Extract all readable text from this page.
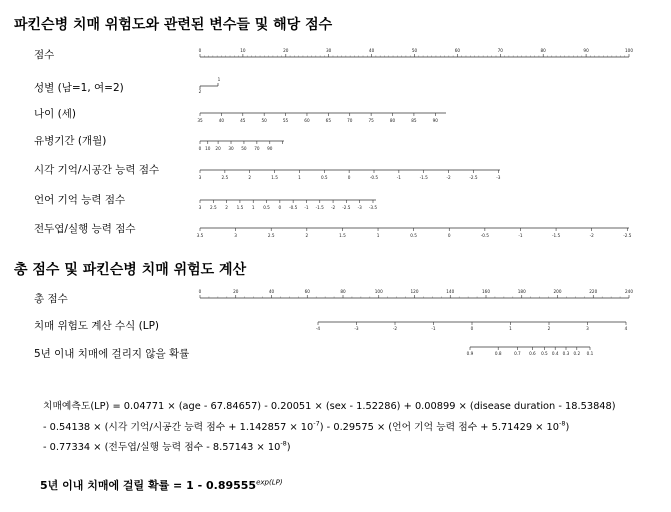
파킨슨병 치매 위험도와 관련된 변수들 및 해당 점수
총 점수 및 파킨슨병 치매 위험도 계산
점수
성별 (남=1, 여=2)
나이 (세)
유병기간 (개월)
시각 기억/시공간 능력 점수
언어 기억 능력 점수
전두엽/실행 능력 점수
총 점수
치매 위험도 계산 수식 (LP)
5년 이내 치매에 걸리지 않을 확률
0	10	20	30	40	50	60	70	80	90	100
1
2
35	40	45	50	55	60	65	70	75	80	85	90
0 10 20 30 50 70 90
3	2.5	2	1.5	1	0.5	0	-0.5	-1	-1.5	-2	-2.5	-3
3 2.5 2 1.5 1 0.5 0 -0.5 -1 -1.5 -2 -2.5 -3 -3.5
3.5	3	2.5	2	1.5	1	0.5	0	-0.5	-1	-1.5	-2	-2.5
0	20	40	60	80	100	120	140	160	180	200	220	240
-4	-3	-2	-1	0	1	2	3	4
0.9	0.8	0.7 0.6 0.5 0.4 0.3 0.2 0.1
치매예측도(LP) = 0.04771 × (age - 67.84657) - 0.20051 × (sex - 1.52286) + 0.00899 × (disease duration - 18.53848)
- 0.54138 × (시각 기억/시공간 능력 점수 + $1.142857 \times 10^{-7}) - 0.29575$ × (언어 기억 능력 점수 + $5.71429 \times 10^{-8}$)
- 0.77334 × (전두엽/실행 능력 점수 - $8.57143 \times 10^{-8}$)
5년 이내 치매에 걸릴 확률 = $1 - 0.89555^{exp(LP)}$
